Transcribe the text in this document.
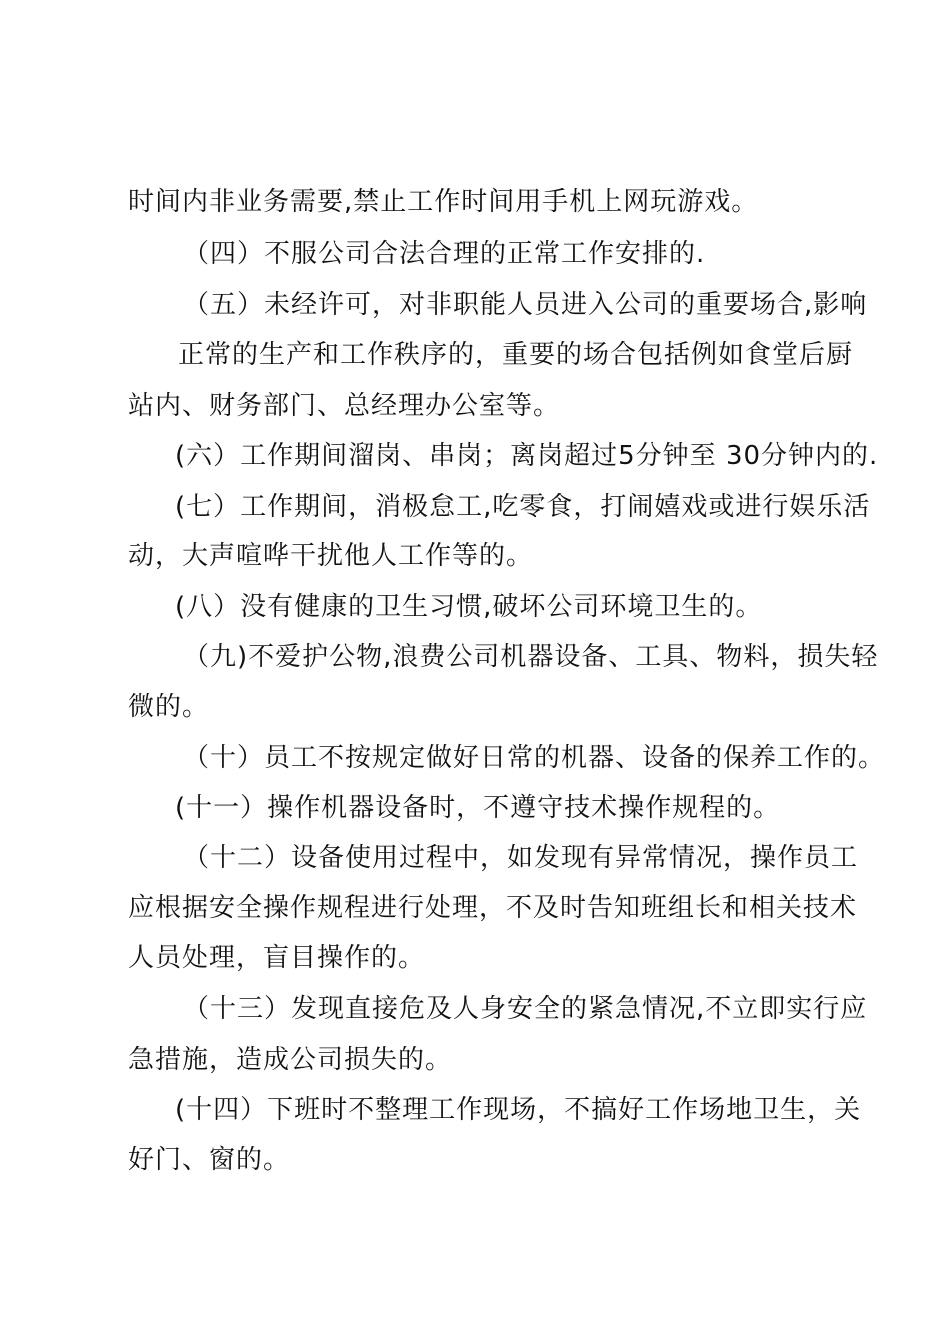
时间内非业务需要,禁止工作时间用手机上网玩游戏。
（四）不服公司合法合理的正常工作安排的.
（五）未经许可，对非职能人员进入公司的重要场合,影响
正常的生产和工作秩序的，重要的场合包括例如食堂后厨
站内、财务部门、总经理办公室等。
(六）工作期间溜岗、串岗；离岗超过5分钟至 30分钟内的.
(七）工作期间，消极怠工,吃零食，打闹嬉戏或进行娱乐活
动，大声喧哗干扰他人工作等的。
(八）没有健康的卫生习惯,破坏公司环境卫生的。
（九)不爱护公物,浪费公司机器设备、工具、物料，损失轻
微的。
（十）员工不按规定做好日常的机器、设备的保养工作的。
(十一）操作机器设备时，不遵守技术操作规程的。
（十二）设备使用过程中，如发现有异常情况，操作员工
应根据安全操作规程进行处理，不及时告知班组长和相关技术
人员处理，盲目操作的。
（十三）发现直接危及人身安全的紧急情况,不立即实行应
急措施，造成公司损失的。
(十四）下班时不整理工作现场，不搞好工作场地卫生，关
好门、窗的。
